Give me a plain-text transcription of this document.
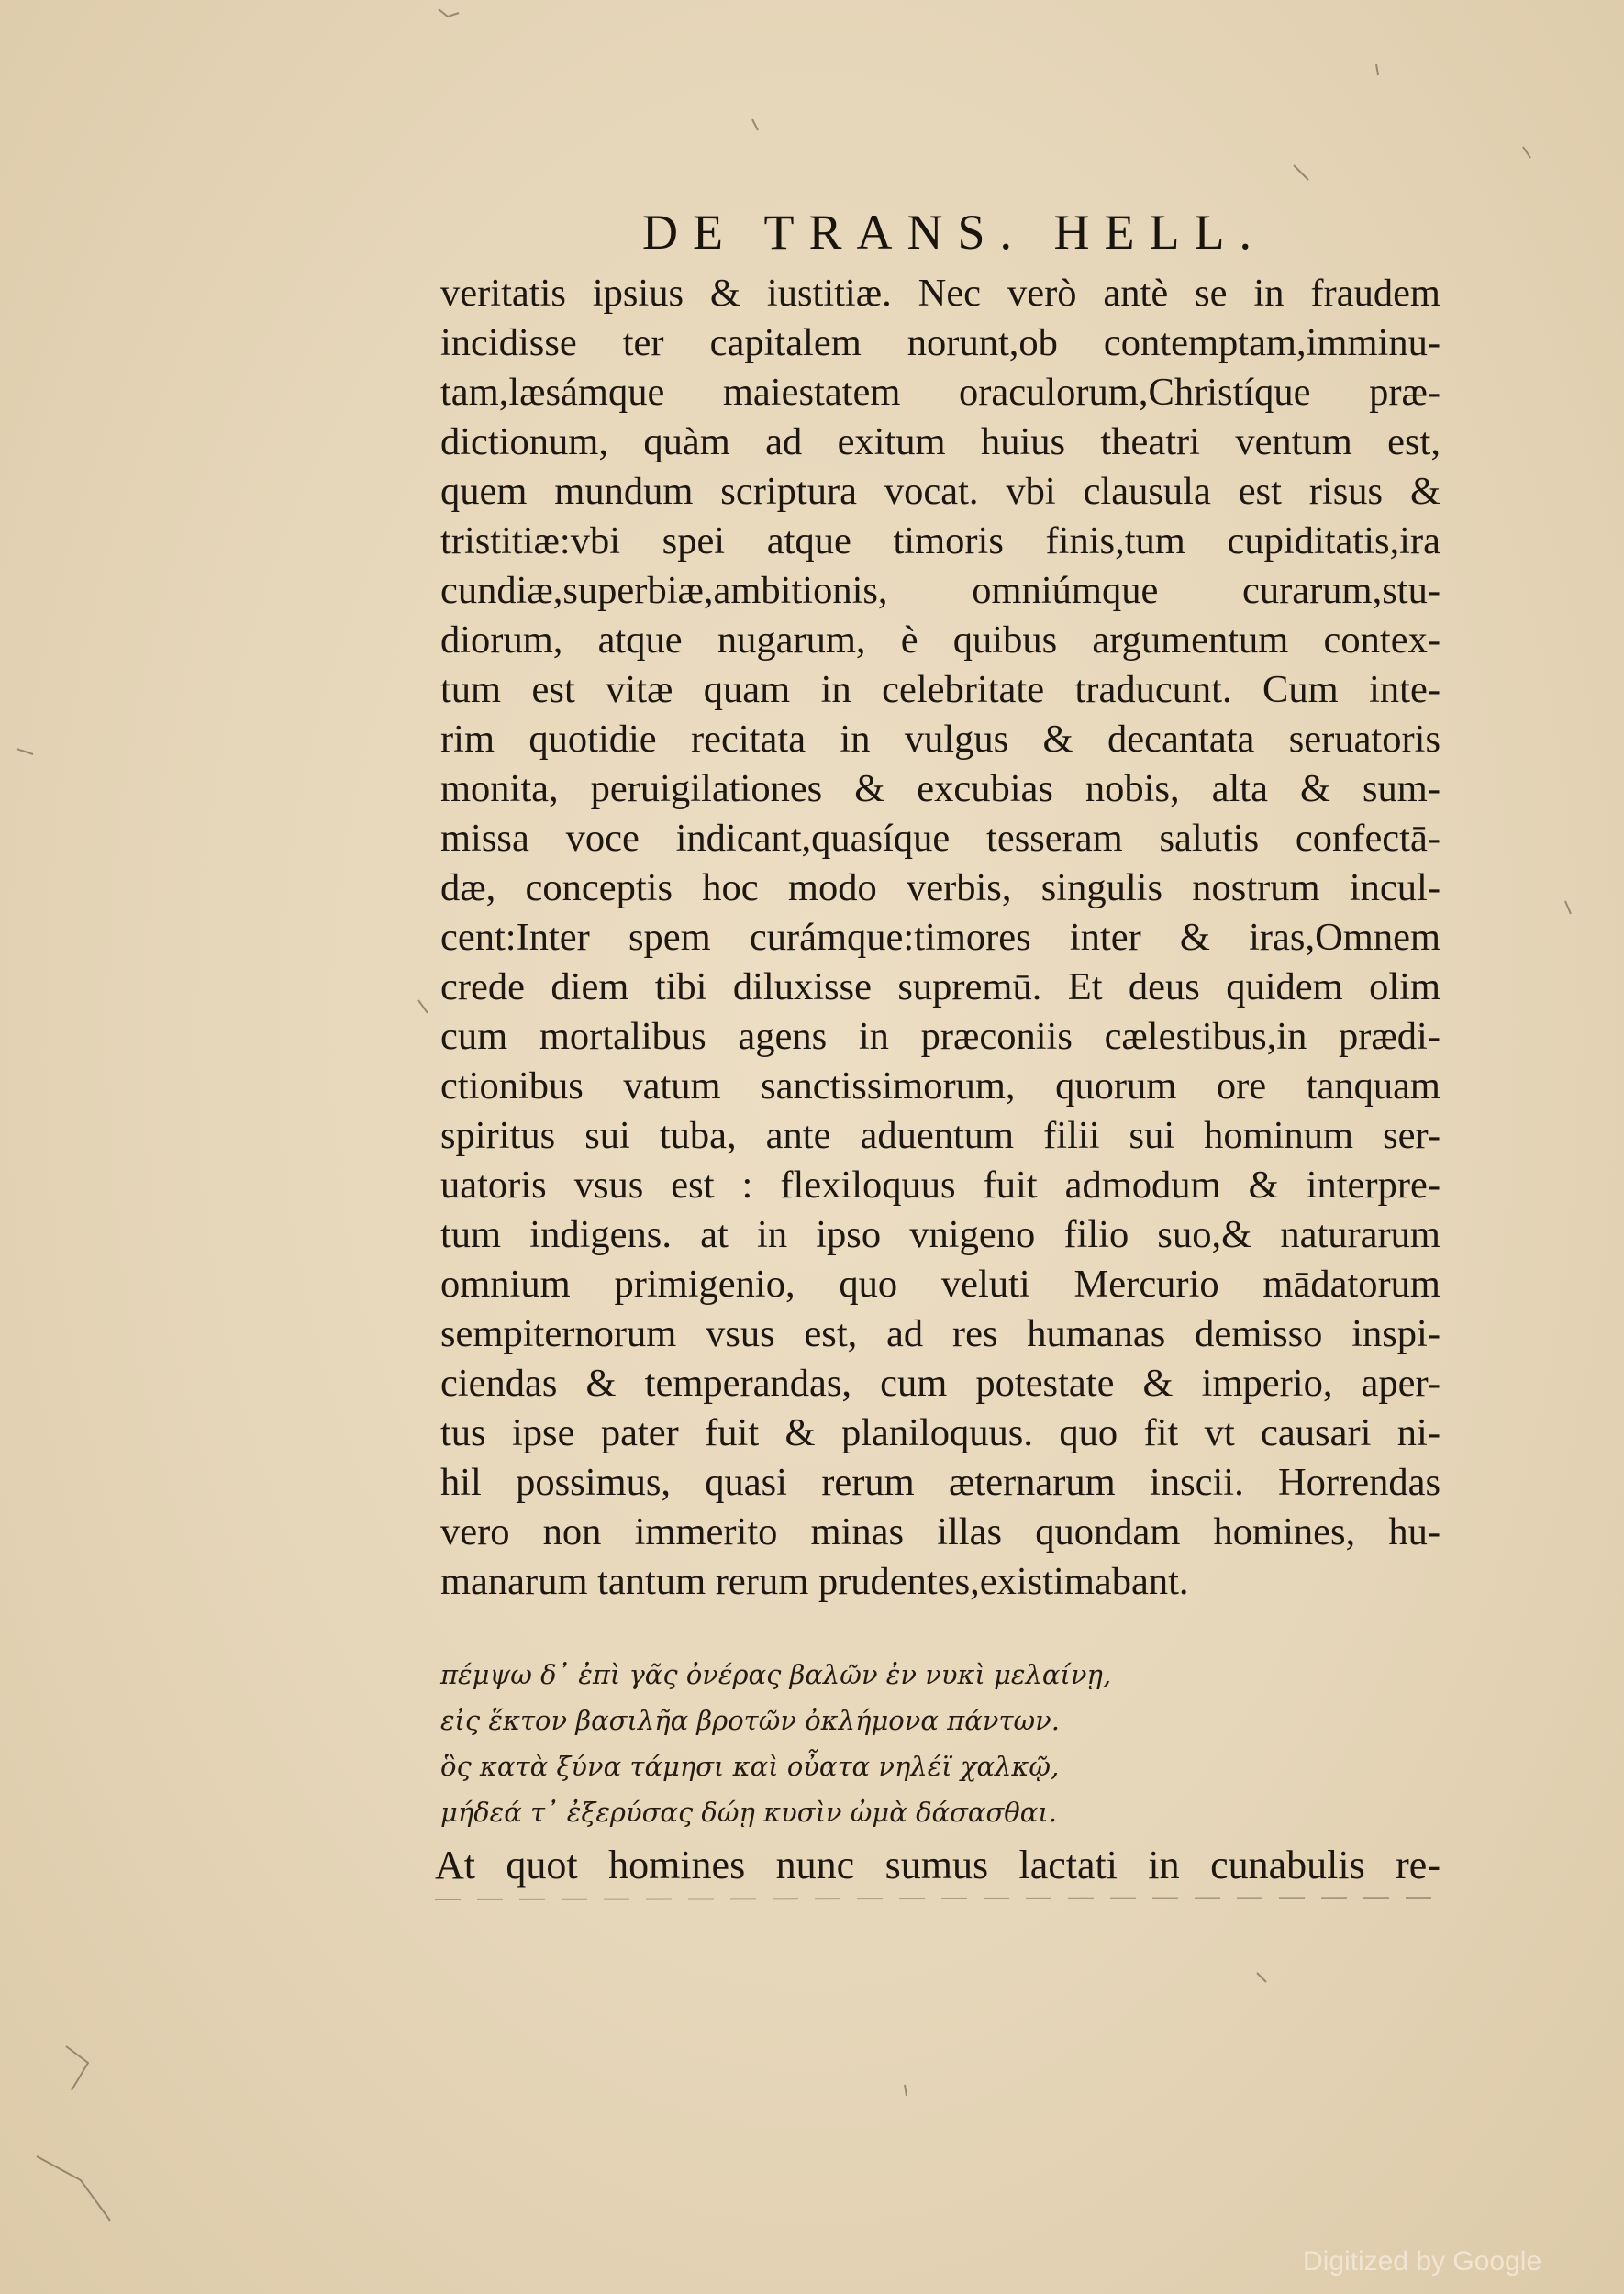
DE TRANS. HELL.
veritatis ipsius & iustitiæ. Nec verò antè se in fraudem
incidisse ter capitalem norunt,ob contemptam,imminu-
tam,læsámque maiestatem oraculorum,Christíque præ-
dictionum, quàm ad exitum huius theatri ventum est,
quem mundum scriptura vocat. vbi clausula est risus &
tristitiæ:vbi spei atque timoris finis,tum cupiditatis,ira
cundiæ,superbiæ,ambitionis, omniúmque curarum,stu-
diorum, atque nugarum, è quibus argumentum contex-
tum est vitæ quam in celebritate traducunt. Cum inte-
rim quotidie recitata in vulgus & decantata seruatoris
monita, peruigilationes & excubias nobis, alta & sum-
missa voce indicant,quasíque tesseram salutis confectā-
dæ, conceptis hoc modo verbis, singulis nostrum incul-
cent:Inter spem curámque:timores inter & iras,Omnem
crede diem tibi diluxisse supremū. Et deus quidem olim
cum mortalibus agens in præconiis cælestibus,in prædi-
ctionibus vatum sanctissimorum, quorum ore tanquam
spiritus sui tuba, ante aduentum filii sui hominum ser-
uatoris vsus est : flexiloquus fuit admodum & interpre-
tum indigens. at in ipso vnigeno filio suo,& naturarum
omnium primigenio, quo veluti Mercurio mādatorum
sempiternorum vsus est, ad res humanas demisso inspi-
ciendas & temperandas, cum potestate & imperio, aper-
tus ipse pater fuit & planiloquus. quo fit vt causari ni-
hil possimus, quasi rerum æternarum inscii. Horrendas
vero non immerito minas illas quondam homines, hu-
manarum tantum rerum prudentes,existimabant.
πέμψω δ᾽ ἐπὶ γᾶς ὀνέρας βαλῶν ἐν νυκὶ μελαίνῃ,
εἰς ἕκτον βασιλῆα βροτῶν ὀκλήμονα πάντων.
ὃς κατὰ ξύνα τάμησι καὶ οὖατα νηλέϊ χαλκῷ,
μήδεά τ᾽ ἐξερύσας δώῃ κυσὶν ὠμὰ δάσασθαι.
At quot homines nunc sumus lactati in cunabulis re-
Digitized by Google
